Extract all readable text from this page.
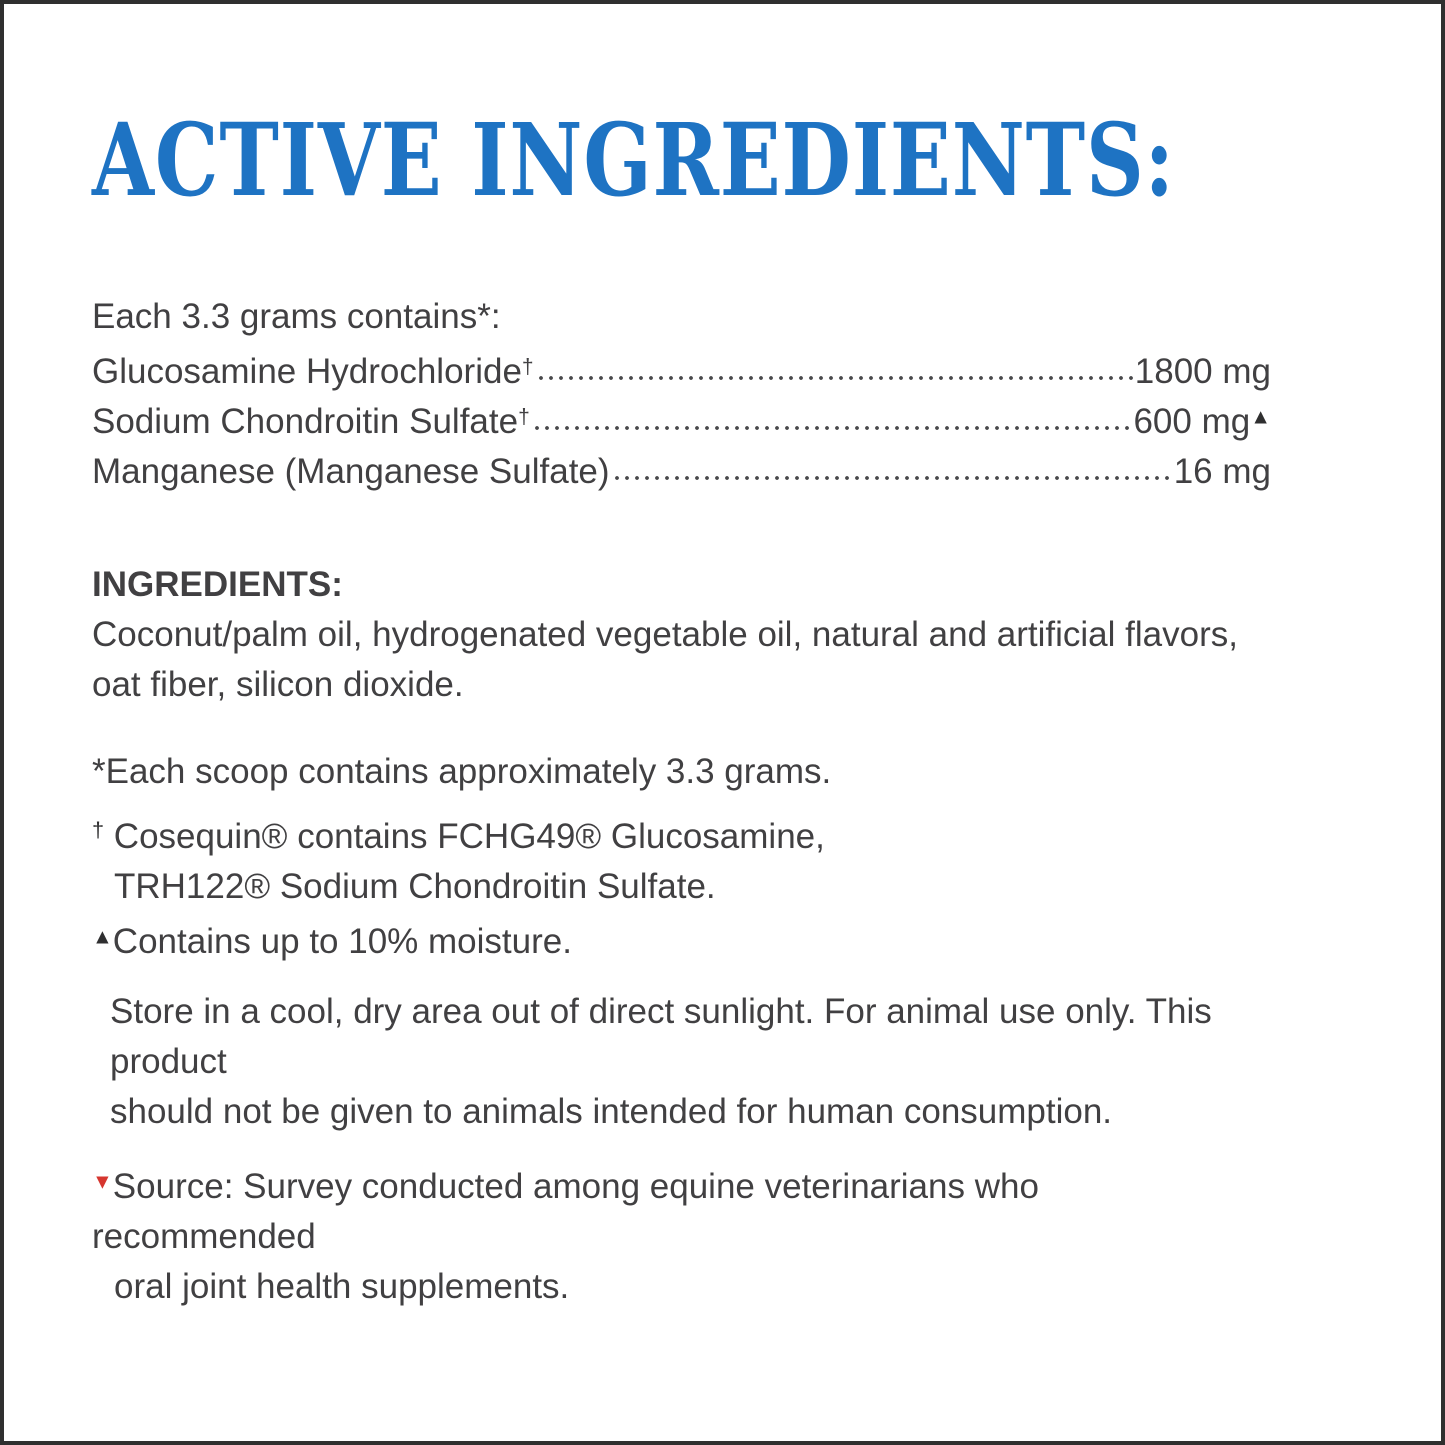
ACTIVE INGREDIENTS:
Each 3.3 grams contains*:
Glucosamine Hydrochloride†	1800 mg
Sodium Chondroitin Sulfate†	600 mg▲
Manganese (Manganese Sulfate)	16 mg
INGREDIENTS:

Coconut/palm oil, hydrogenated vegetable oil, natural and artificial flavors,
oat fiber, silicon dioxide.

*Each scoop contains approximately 3.3 grams.

† Cosequin® contains FCHG49® Glucosamine,
TRH122® Sodium Chondroitin Sulfate.

▲Contains up to 10% moisture.

Store in a cool, dry area out of direct sunlight. For animal use only. This product
should not be given to animals intended for human consumption.

▼Source: Survey conducted among equine veterinarians who recommended
oral joint health supplements.
